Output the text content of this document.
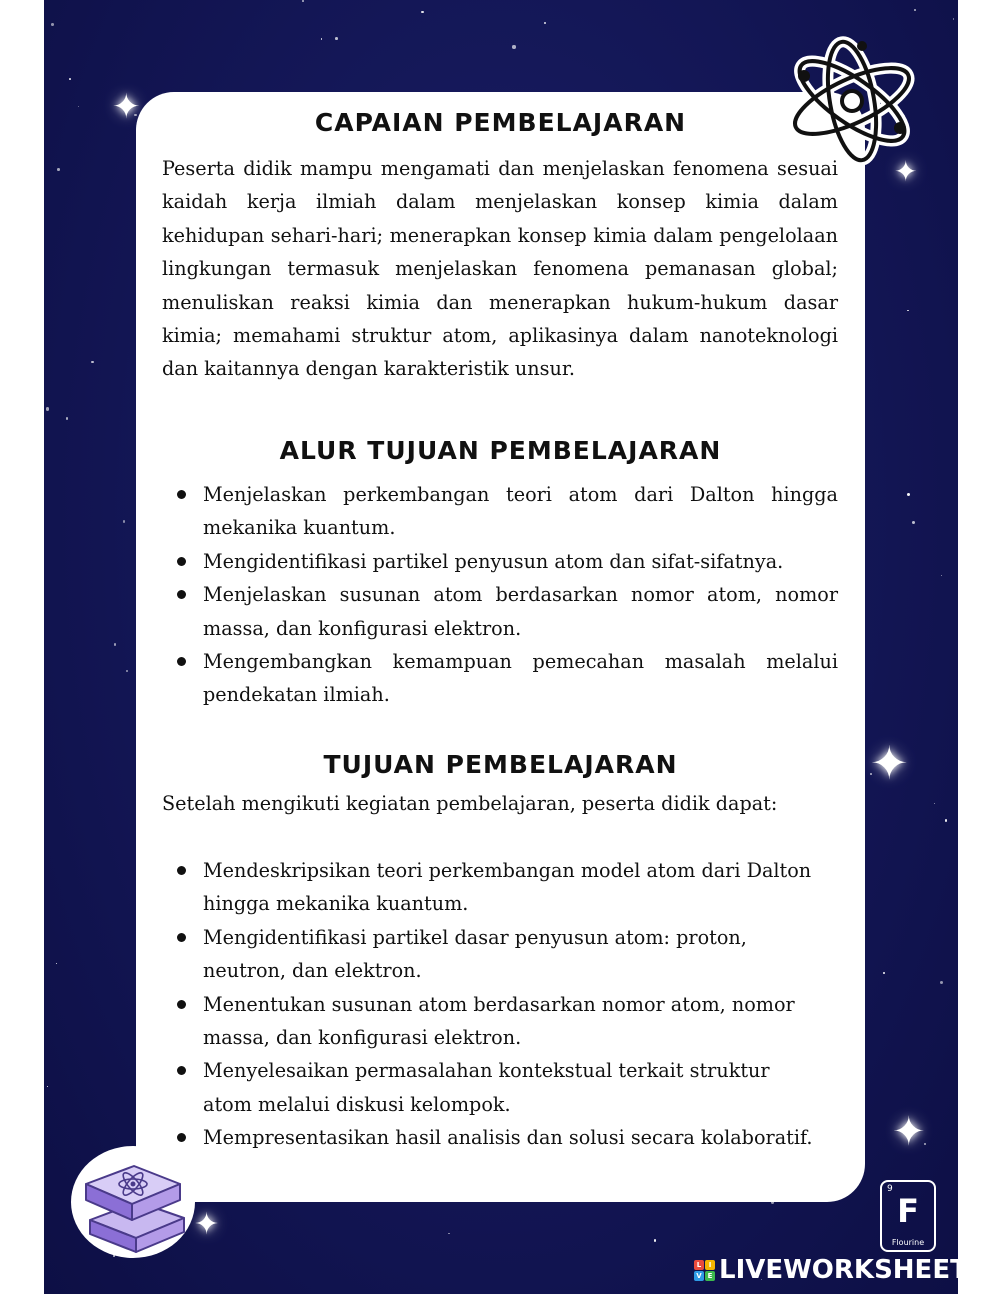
✦
✦
✦
✦
✦
CAPAIAN PEMBELAJARAN
Peserta didik mampu mengamati dan menjelaskan fenomena sesuai kaidah kerja ilmiah dalam menjelaskan konsep kimia dalam kehidupan sehari-hari; menerapkan konsep kimia dalam pengelolaan lingkungan termasuk menjelaskan fenomena pemanasan global; menuliskan reaksi kimia dan menerapkan hukum-hukum dasar kimia; memahami struktur atom, aplikasinya dalam nanoteknologi dan kaitannya dengan karakteristik unsur.
ALUR TUJUAN PEMBELAJARAN
Menjelaskan perkembangan teori atom dari Dalton hingga mekanika kuantum.
Mengidentifikasi partikel penyusun atom dan sifat-sifatnya.
Menjelaskan susunan atom berdasarkan nomor atom, nomor massa, dan konfigurasi elektron.
Mengembangkan kemampuan pemecahan masalah melalui pendekatan ilmiah.
TUJUAN PEMBELAJARAN
Setelah mengikuti kegiatan pembelajaran, peserta didik dapat:
Mendeskripsikan teori perkembangan model atom dari Dalton hingga mekanika kuantum.
Mengidentifikasi partikel dasar penyusun atom: proton, neutron, dan elektron.
Menentukan susunan atom berdasarkan nomor atom, nomor massa, dan konfigurasi elektron.
Menyelesaikan permasalahan kontekstual terkait struktur atom melalui diskusi kelompok.
Mempresentasikan hasil analisis dan solusi secara kolaboratif.
9
F
Flourine
L	I
V E LIVEWORKSHEETS
